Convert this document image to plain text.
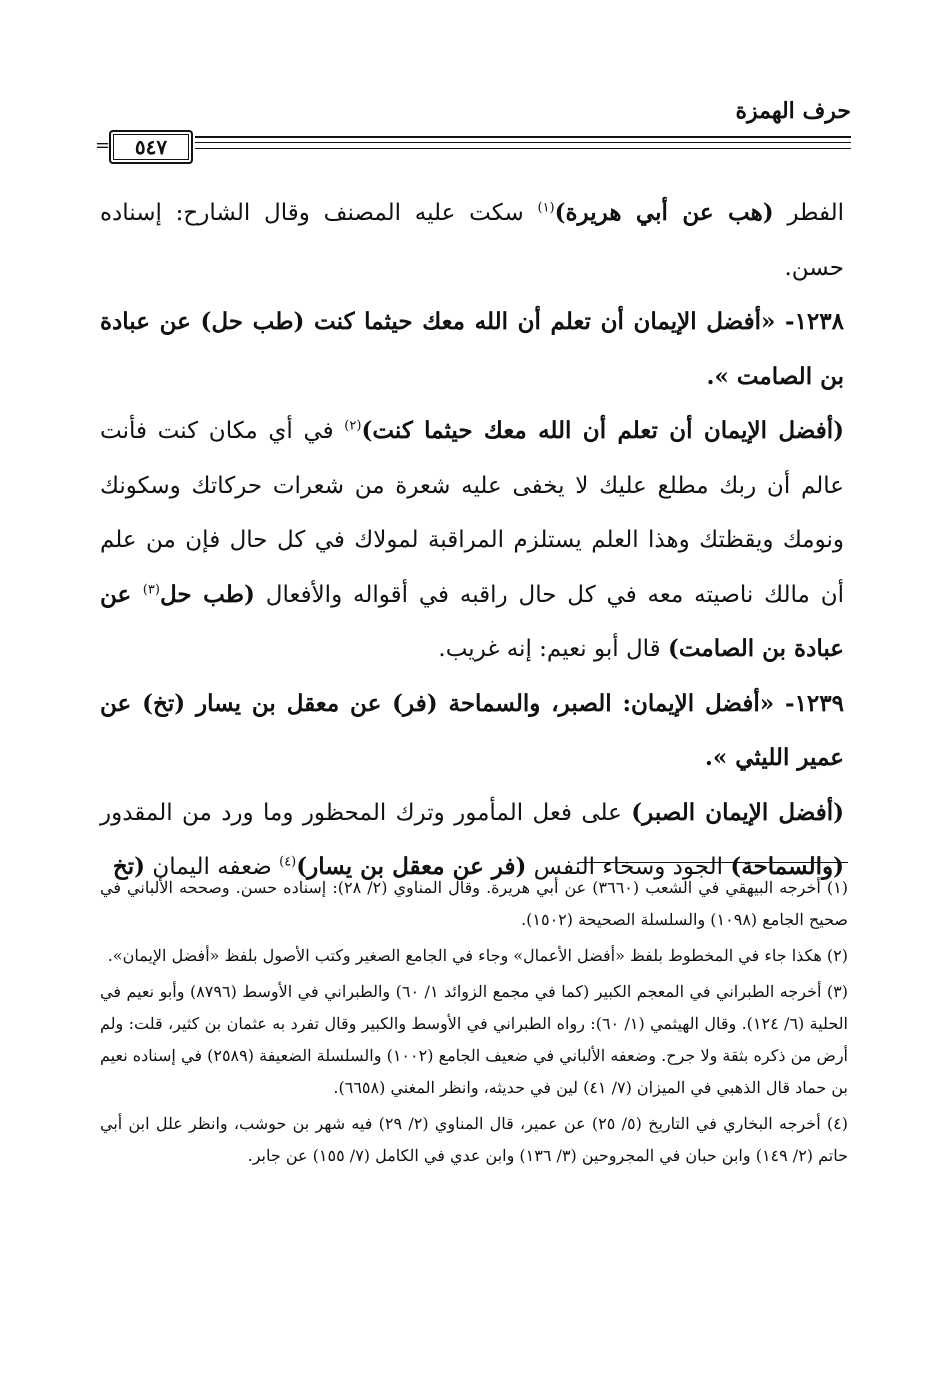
حرف الهمزة
=	٥٤٧

الفطر (هب عن أبي هريرة)$^{(١)}$ سكت عليه المصنف وقال الشارح: إسناده حسن.

١٢٣٨- «أفضل الإيمان أن تعلم أن الله معك حيثما كنت (طب حل) عن عبادة بن الصامت ».

(أفضل الإيمان أن تعلم أن الله معك حيثما كنت)$^{(٢)}$ في أي مكان كنت فأنت عالم أن ربك مطلع عليك لا يخفى عليه شعرة من شعرات حركاتك وسكونك ونومك ويقظتك وهذا العلم يستلزم المراقبة لمولاك في كل حال فإن من علم أن مالك ناصيته معه في كل حال راقبه في أقواله والأفعال (طب حل$^{(٣)}$ عن عبادة بن الصامت) قال أبو نعيم: إنه غريب.

١٢٣٩- «أفضل الإيمان: الصبر، والسماحة (فر) عن معقل بن يسار (تخ) عن عمير الليثي ».

(أفضل الإيمان الصبر) على فعل المأمور وترك المحظور وما ورد من المقدور (والسماحة) الجود وسخاء النفس (فر عن معقل بن يسار)$^{(٤)}$ ضعفه اليمان (تخ

(١) أخرجه البيهقي في الشعب (٣٦٦٠) عن أبي هريرة. وقال المناوي (٢/ ٢٨): إسناده حسن. وصححه الألباني في صحيح الجامع (١٠٩٨) والسلسلة الصحيحة (١٥٠٢).

(٢) هكذا جاء في المخطوط بلفظ «أفضل الأعمال» وجاء في الجامع الصغير وكتب الأصول بلفظ «أفضل الإيمان».

(٣) أخرجه الطبراني في المعجم الكبير (كما في مجمع الزوائد ١/ ٦٠) والطبراني في الأوسط (٨٧٩٦) وأبو نعيم في الحلية (٦/ ١٢٤). وقال الهيثمي (١/ ٦٠): رواه الطبراني في الأوسط والكبير وقال تفرد به عثمان بن كثير، قلت: ولم أرض من ذكره بثقة ولا جرح. وضعفه الألباني في ضعيف الجامع (١٠٠٢) والسلسلة الضعيفة (٢٥٨٩) في إسناده نعيم بن حماد قال الذهبي في الميزان (٧/ ٤١) لين في حديثه، وانظر المغني (٦٦٥٨).

(٤) أخرجه البخاري في التاريخ (٥/ ٢٥) عن عمير، قال المناوي (٢/ ٢٩) فيه شهر بن حوشب، وانظر علل ابن أبي حاتم (٢/ ١٤٩) وابن حبان في المجروحين (٣/ ١٣٦) وابن عدي في الكامل (٧/ ١٥٥) عن جابر.
